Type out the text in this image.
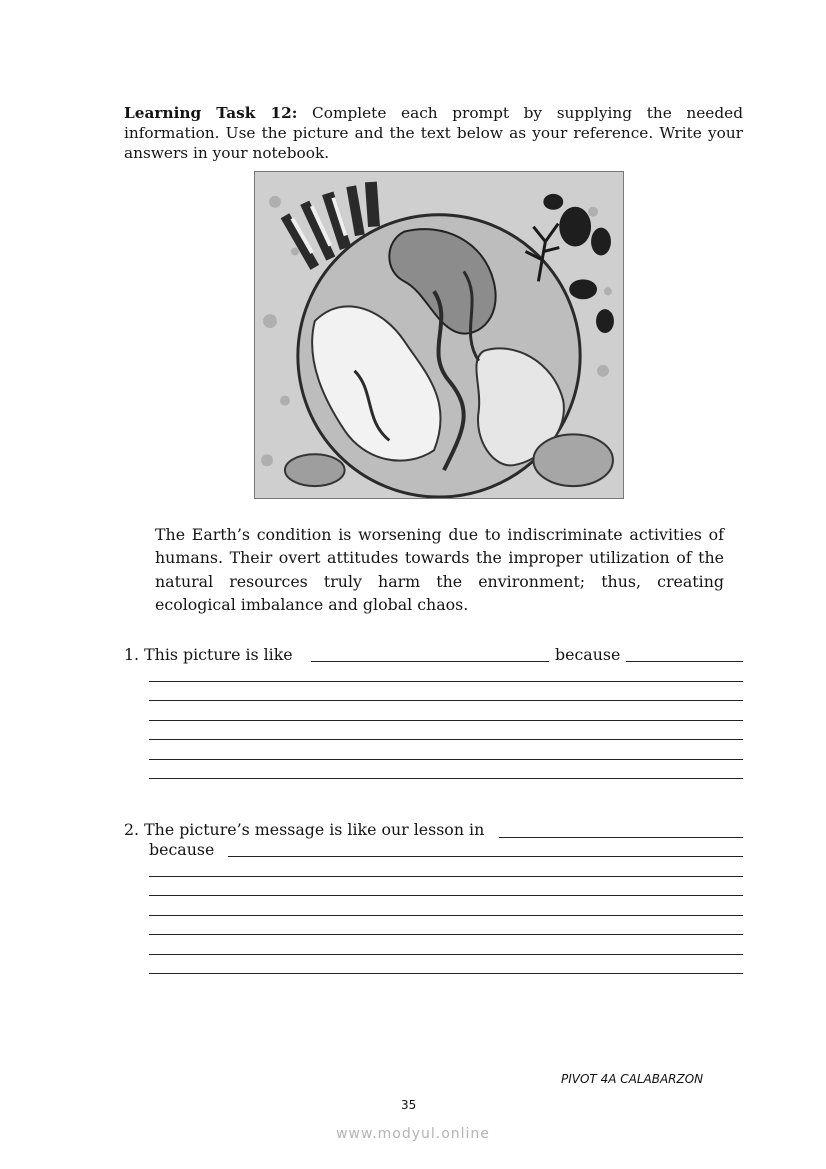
Learning Task 12: Complete each prompt by supplying the needed information. Use the picture and the text below as your reference. Write your answers in your notebook.
The Earth’s condition is worsening due to indiscriminate activities of humans. Their overt attitudes towards the improper utilization of the natural resources truly harm the environment; thus, creating ecological imbalance and global chaos.
1. This picture is like	because
2. The picture’s message is like our lesson in
because
PIVOT 4A CALABARZON
35
www.modyul.online
